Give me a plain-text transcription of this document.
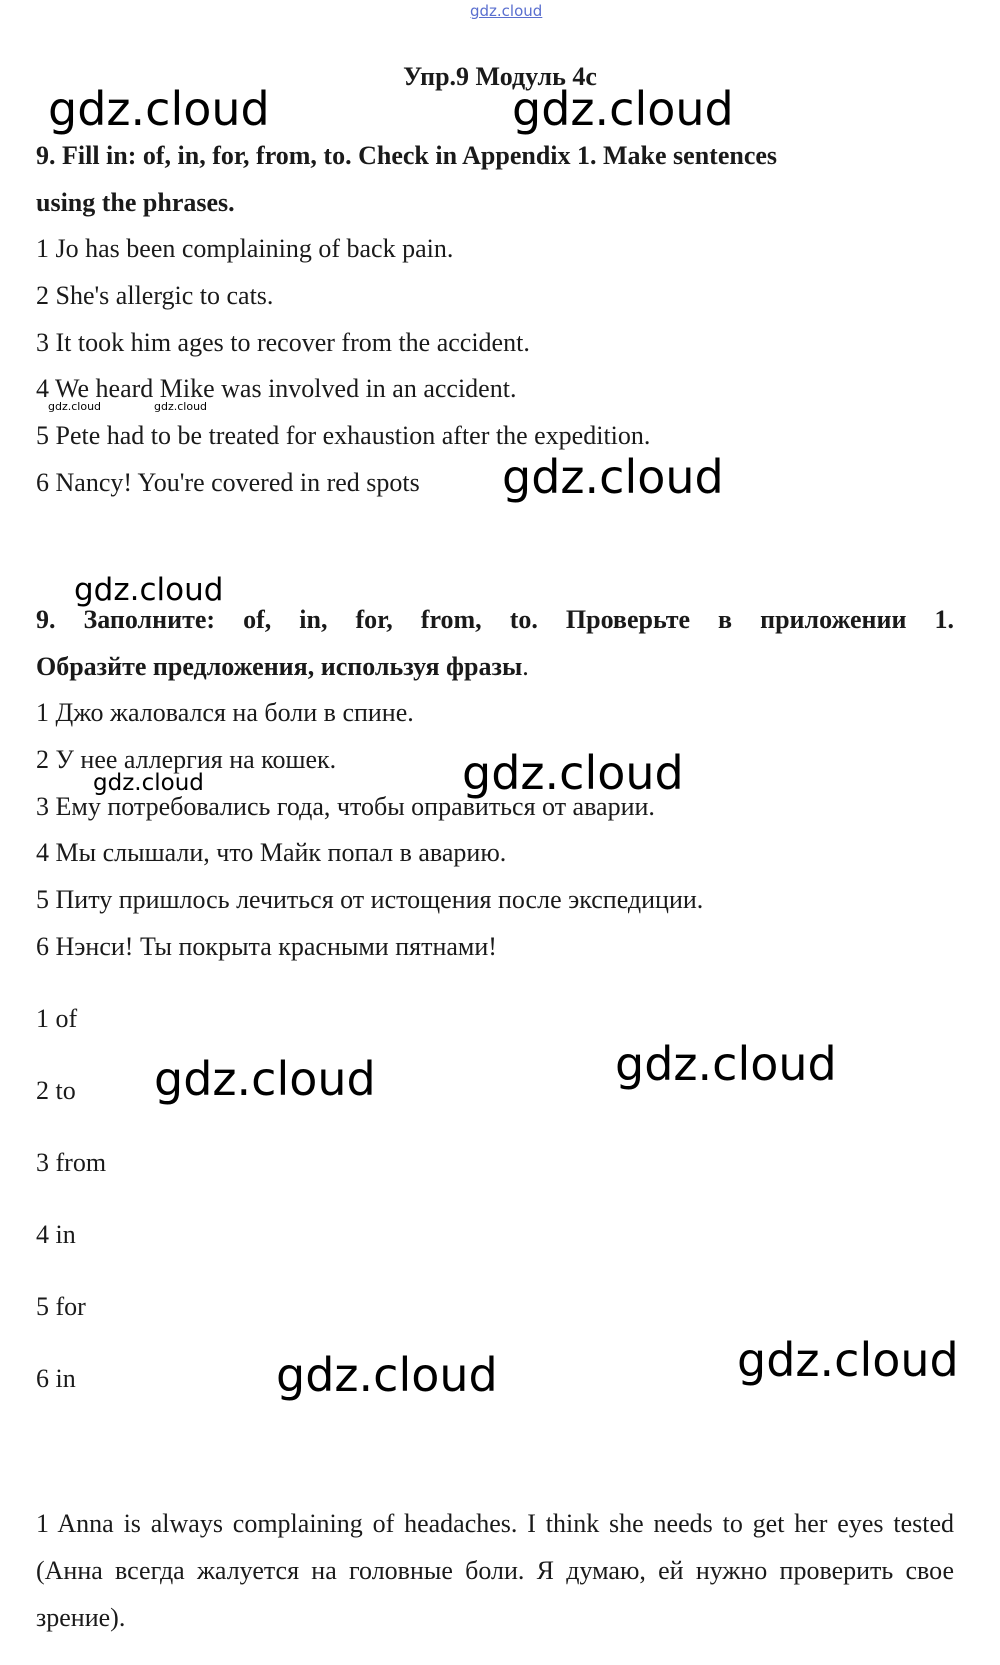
gdz.cloud
Упр.9 Модуль 4с
gdz.cloud	gdz.cloud
9. Fill in: of, in, for, from, to. Check in Appendix 1. Make sentences
using the phrases.
1 Jo has been complaining of back pain.
2 She's allergic to cats.
3 It took him ages to recover from the accident.
4 We heard Mike was involved in an accident.
gdz.cloud	gdz.cloud
5 Pete had to be treated for exhaustion after the expedition.
6 Nancy! You're covered in red spots gdz.cloud
gdz.cloud
9. Заполните: of, in, for, from, to. Проверьте в приложении 1.
Образйте предложения, используя фразы.
1 Джо жаловался на боли в спине.
2 У нее аллергия на кошек.
gdz.cloud	gdz.cloud
3 Ему потребовались года, чтобы оправиться от аварии.
4 Мы слышали, что Майк попал в аварию.
5 Питу пришлось лечиться от истощения после экспедиции.
6 Нэнси! Ты покрыта красными пятнами!
1 of
2 to gdz.cloud	gdz.cloud
3 from
4 in
5 for
6 in	gdz.cloud	gdz.cloud
1 Anna is always complaining of headaches. I think she needs to get her eyes tested (Анна всегда жалуется на головные боли. Я думаю, ей нужно проверить свое зрение).
